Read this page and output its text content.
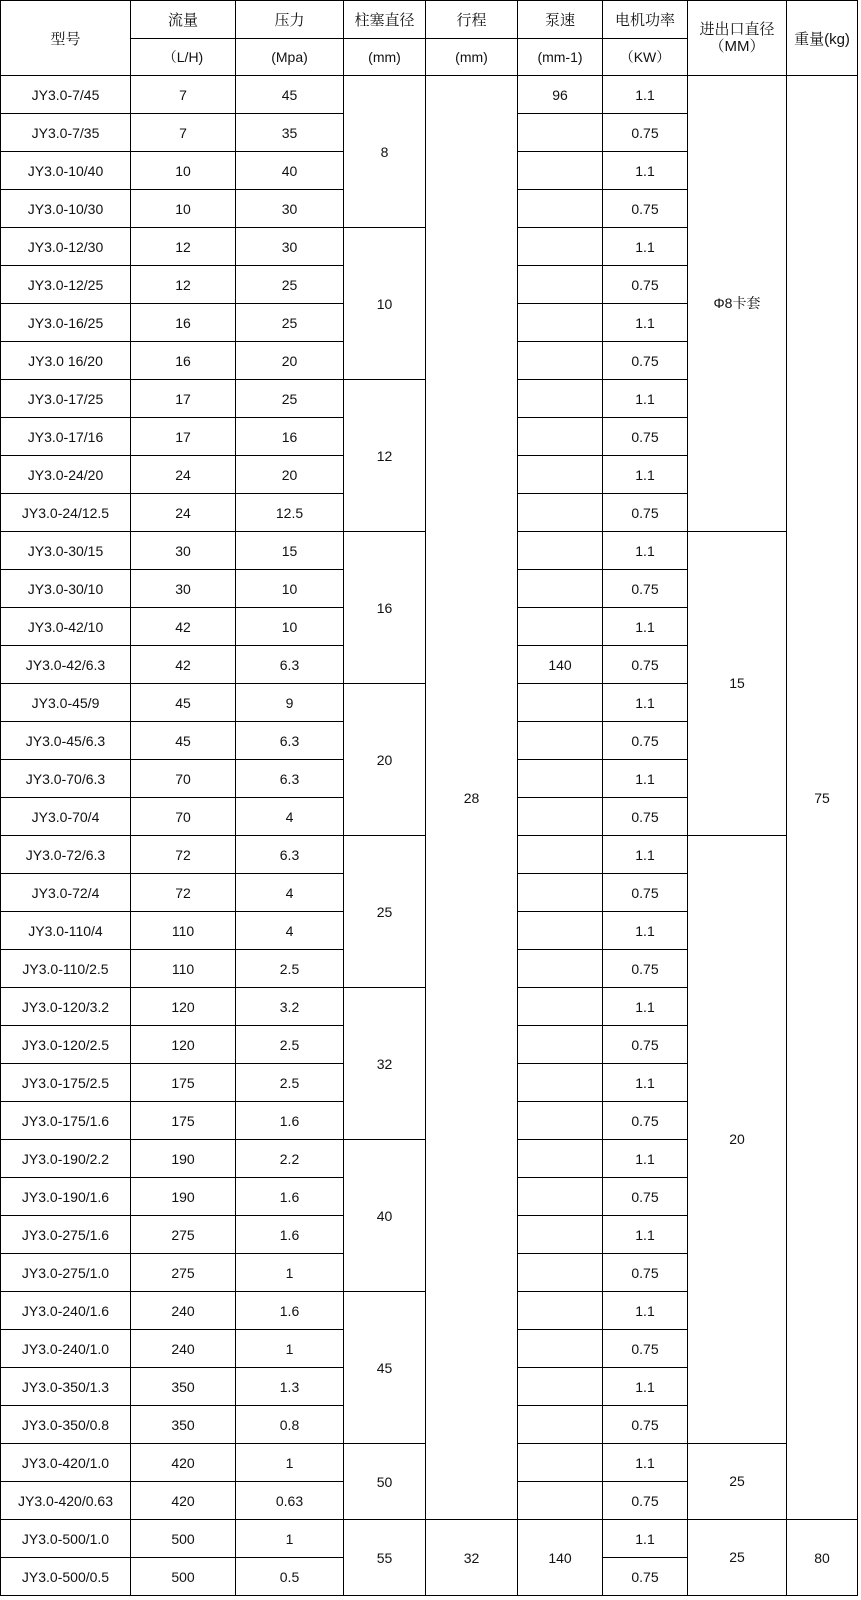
型号	流量	压力	柱塞直径	行程	泵速	电机功率	进出口直径（MM）	重量(kg)
	（L/H)	(Mpa)	(mm)	(mm)	(mm-1)	（KW）		
JY3.0-7/45	7	45	8	28	96	1.1	Φ8卡套	75
JY3.0-7/35	7	35				0.75		
JY3.0-10/40	10	40				1.1		
JY3.0-10/30	10	30				0.75		
JY3.0-12/30	12	30	10			1.1		
JY3.0-12/25	12	25				0.75		
JY3.0-16/25	16	25				1.1		
JY3.0 16/20	16	20				0.75		
JY3.0-17/25	17	25	12			1.1		
JY3.0-17/16	17	16				0.75		
JY3.0-24/20	24	20				1.1		
JY3.0-24/12.5	24	12.5				0.75		
JY3.0-30/15	30	15	16			1.1	15	
JY3.0-30/10	30	10				0.75		
JY3.0-42/10	42	10				1.1		
JY3.0-42/6.3	42	6.3			140	0.75		
JY3.0-45/9	45	9	20			1.1		
JY3.0-45/6.3	45	6.3				0.75		
JY3.0-70/6.3	70	6.3				1.1		
JY3.0-70/4	70	4				0.75		
JY3.0-72/6.3	72	6.3	25			1.1	20	
JY3.0-72/4	72	4				0.75		
JY3.0-110/4	110	4				1.1		
JY3.0-110/2.5	110	2.5				0.75		
JY3.0-120/3.2	120	3.2	32			1.1		
JY3.0-120/2.5	120	2.5				0.75		
JY3.0-175/2.5	175	2.5				1.1		
JY3.0-175/1.6	175	1.6				0.75		
JY3.0-190/2.2	190	2.2	40			1.1		
JY3.0-190/1.6	190	1.6				0.75		
JY3.0-275/1.6	275	1.6				1.1		
JY3.0-275/1.0	275	1				0.75		
JY3.0-240/1.6	240	1.6	45			1.1		
JY3.0-240/1.0	240	1				0.75		
JY3.0-350/1.3	350	1.3				1.1		
JY3.0-350/0.8	350	0.8				0.75		
JY3.0-420/1.0	420	1	50			1.1	25	
JY3.0-420/0.63	420	0.63				0.75		
JY3.0-500/1.0	500	1	55	32	140	1.1	25	80
JY3.0-500/0.5	500	0.5				0.75		
